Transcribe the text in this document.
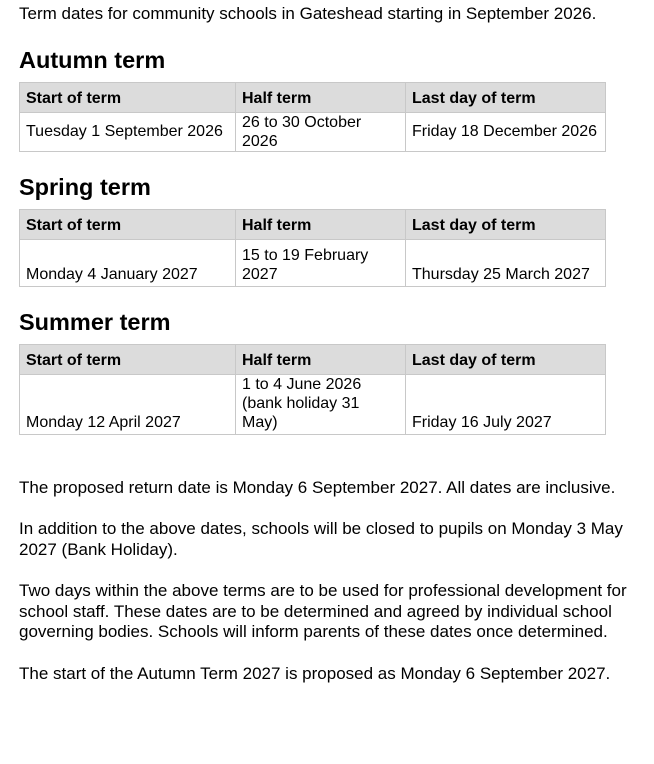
Term dates for community schools in Gateshead starting in September 2026.

Autumn term
Start of term	Half term	Last day of term
Tuesday 1 September 2026	26 to 30 October 2026	Friday 18 December 2026
Spring term
Start of term	Half term	Last day of term
Monday 4 January 2027	15 to 19 February 2027	Thursday 25 March 2027
Summer term
Start of term	Half term	Last day of term
Monday 12 April 2027	1 to 4 June 2026 (bank holiday 31 May)	Friday 16 July 2027

The proposed return date is Monday 6 September 2027. All dates are inclusive.

In addition to the above dates, schools will be closed to pupils on Monday 3 May 2027 (Bank Holiday).

Two days within the above terms are to be used for professional development for school staff. These dates are to be determined and agreed by individual school governing bodies. Schools will inform parents of these dates once determined.

The start of the Autumn Term 2027 is proposed as Monday 6 September 2027.
